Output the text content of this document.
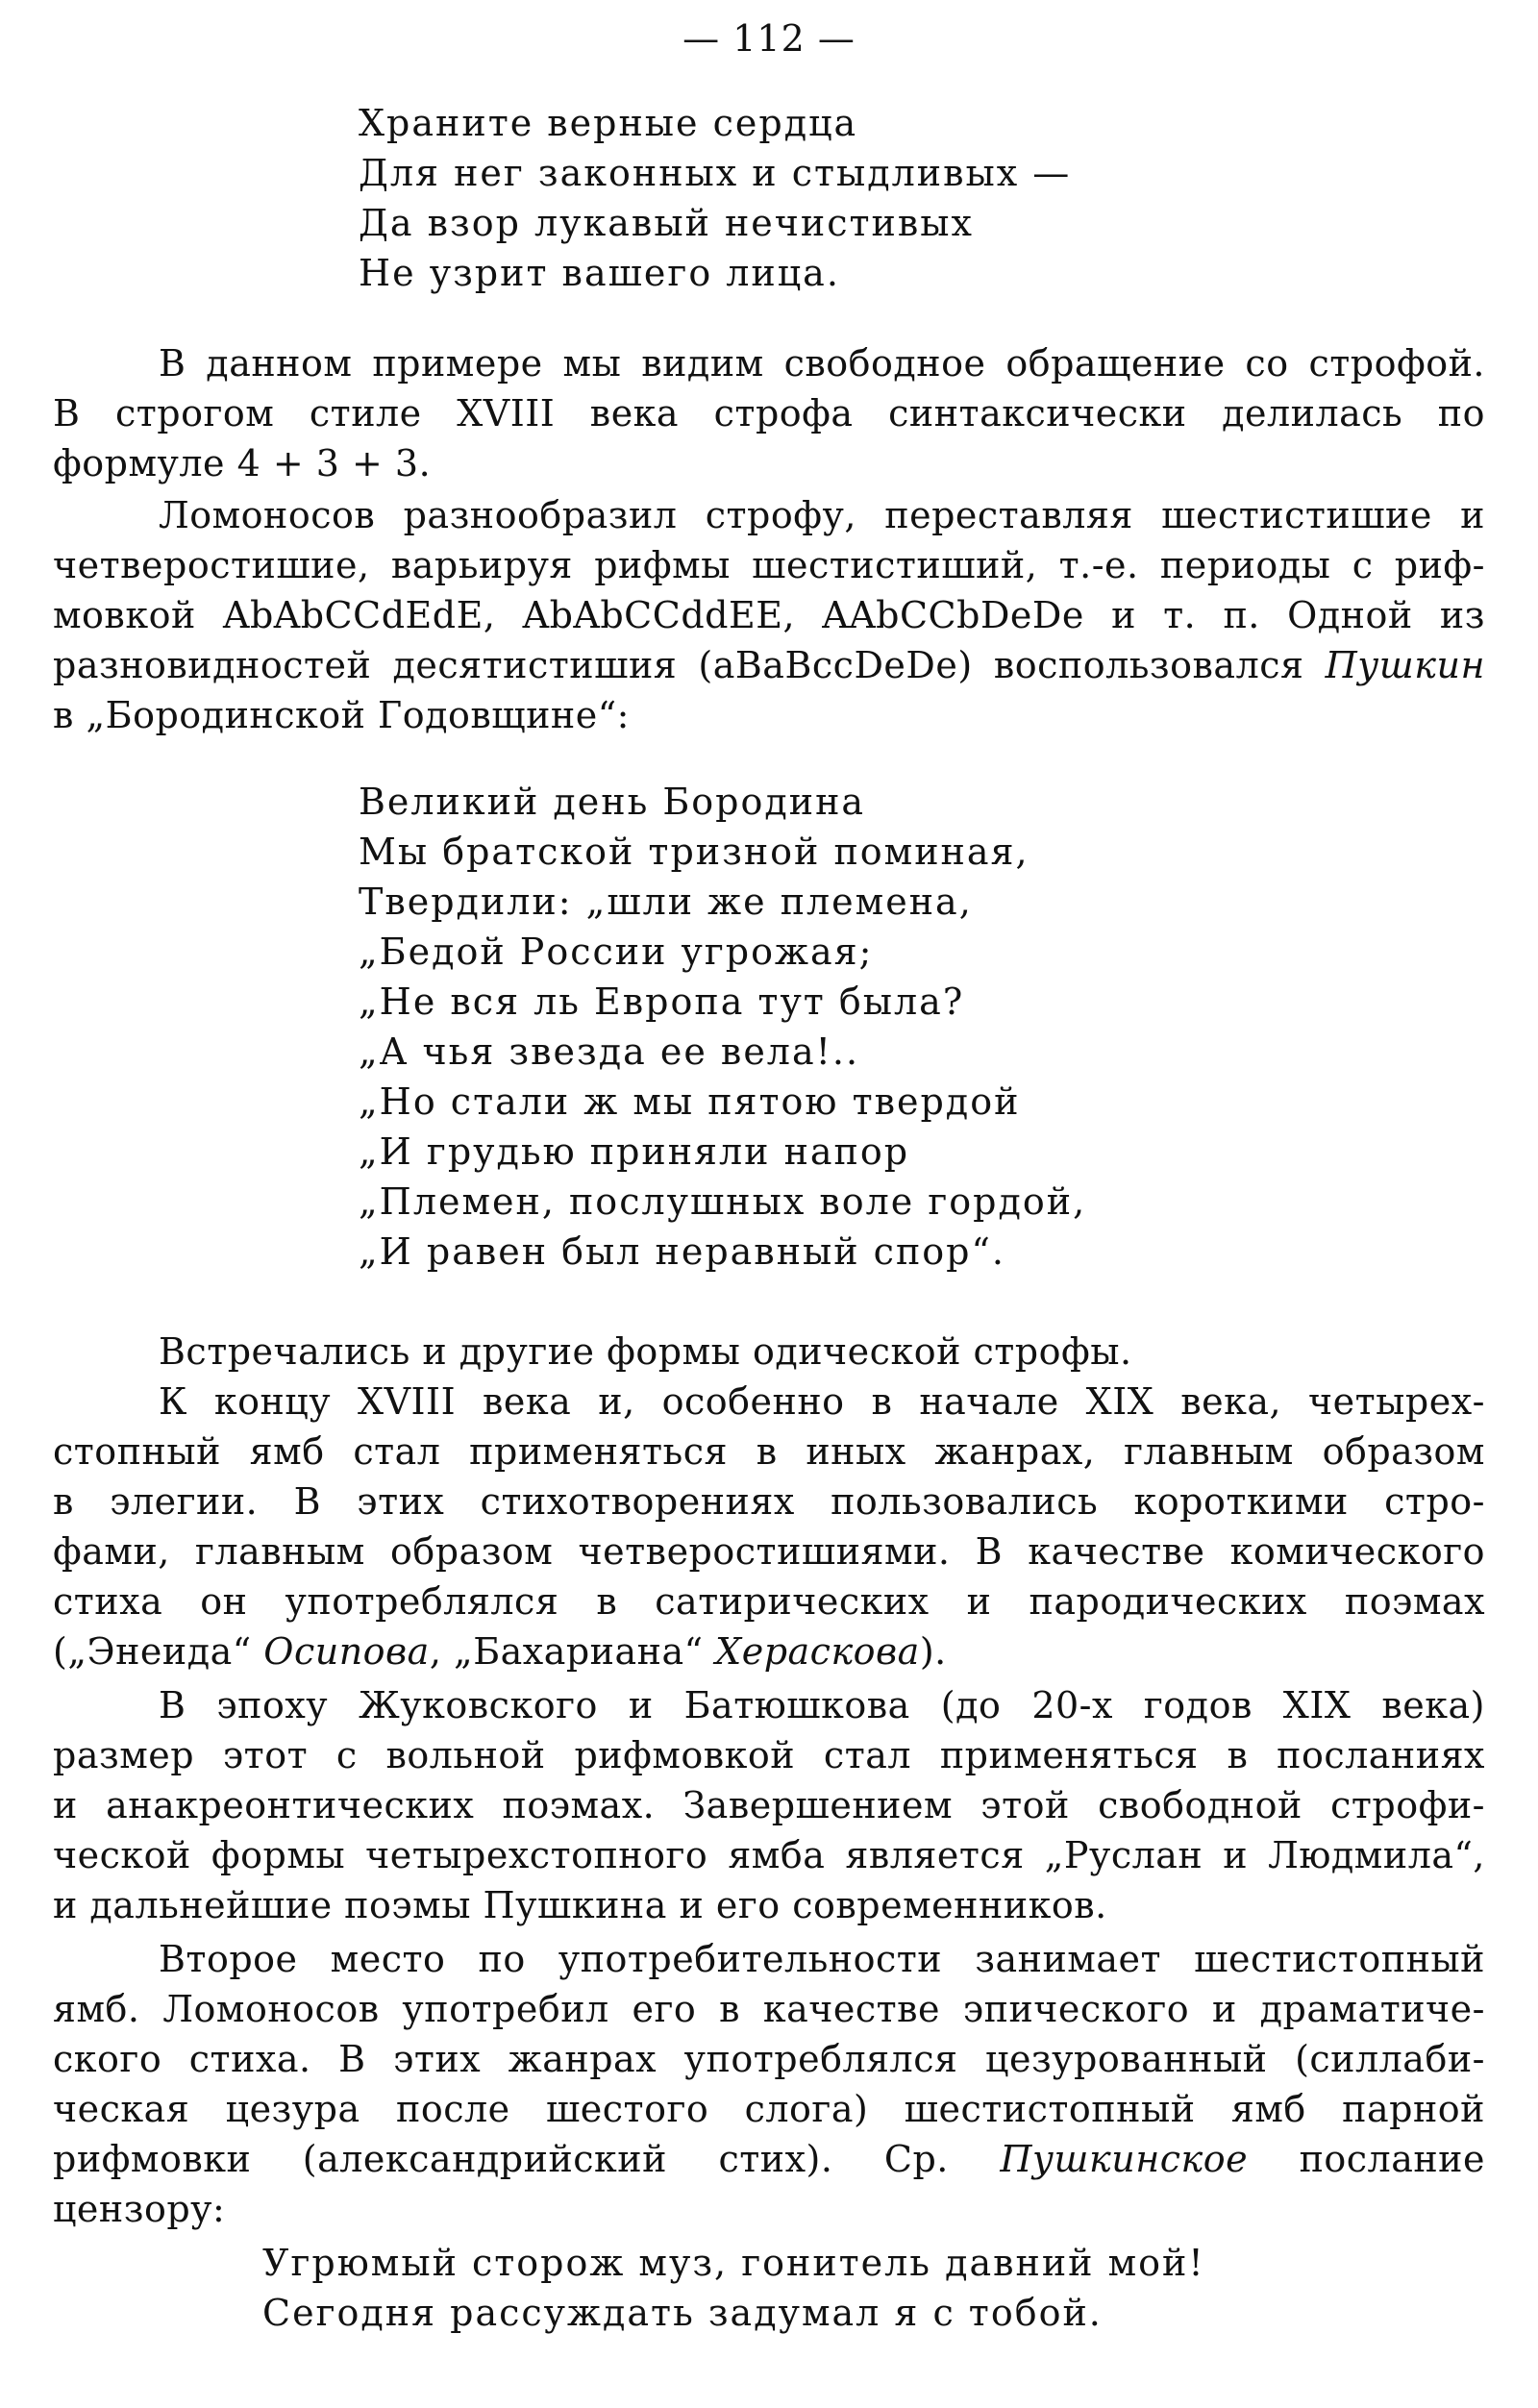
— 112 —
Храните верные сердца
Для нег законных и стыдливых —
Да взор лукавый нечистивых
Не узрит вашего лица.
В данном примере мы видим свободное обращение со строфой.
В строгом стиле XVIII века строфа синтаксически делилась по
формуле 4 + 3 + 3.
Ломоносов разнообразил строфу, переставляя шестистишие и
четверостишие, варьируя рифмы шестистиший, т.-е. периоды с риф-
мовкой AbAbCCdEdE, AbAbCCddEE, AAbCCbDeDe и т. п. Одной из
разновидностей десятистишия (aBaBccDeDe) воспользовался Пушкин
в „Бородинской Годовщине“:
Великий день Бородина
Мы братской тризной поминая,
Твердили: „шли же племена,
„Бедой России угрожая;
„Не вся ль Европа тут была?
„А чья звезда ее вела!..
„Но стали ж мы пятою твердой
„И грудью приняли напор
„Племен, послушных воле гордой,
„И равен был неравный спор“.
Встречались и другие формы одической строфы.
К концу XVIII века и, особенно в начале XIX века, четырех-
стопный ямб стал применяться в иных жанрах, главным образом
в элегии. В этих стихотворениях пользовались короткими стро-
фами, главным образом четверостишиями. В качестве комического
стиха он употреблялся в сатирических и пародических поэмах
(„Энеида“ Осипова, „Бахариана“ Хераскова).
В эпоху Жуковского и Батюшкова (до 20-х годов XIX века)
размер этот с вольной рифмовкой стал применяться в посланиях
и анакреонтических поэмах. Завершением этой свободной строфи-
ческой формы четырехстопного ямба является „Руслан и Людмила“,
и дальнейшие поэмы Пушкина и его современников.
Второе место по употребительности занимает шестистопный
ямб. Ломоносов употребил его в качестве эпического и драматиче-
ского стиха. В этих жанрах употреблялся цезурованный (силлаби-
ческая цезура после шестого слога) шестистопный ямб парной
рифмовки (александрийский стих). Ср. Пушкинское послание
цензору:
Угрюмый сторож муз, гонитель давний мой!
Сегодня рассуждать задумал я с тобой.
